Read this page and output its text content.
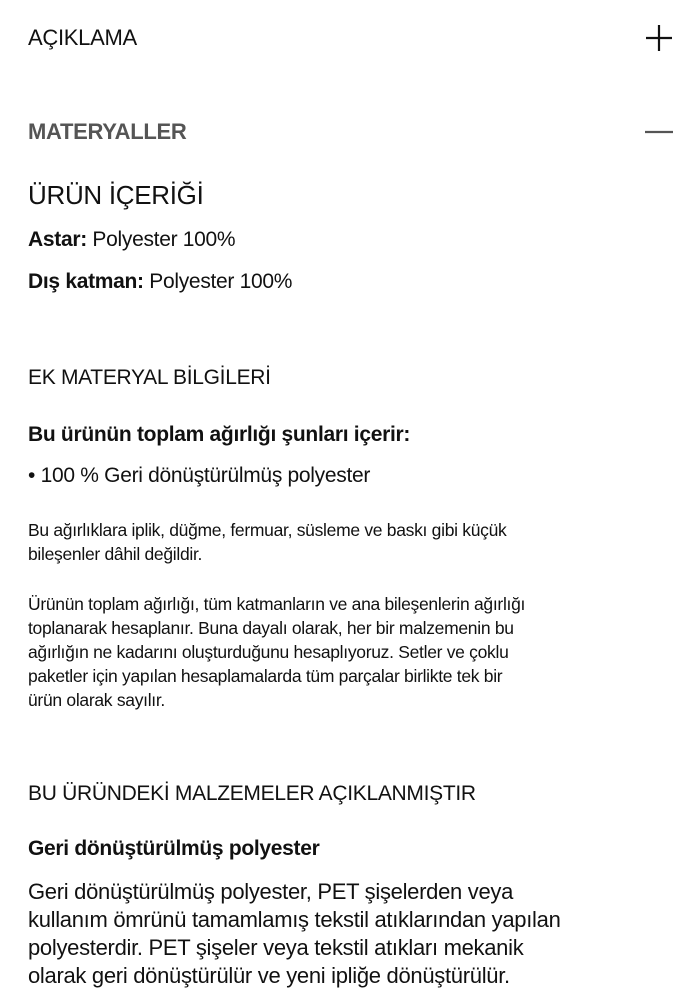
AÇIKLAMA
MATERYALLER
ÜRÜN İÇERİĞİ
Astar: Polyester 100%
Dış katman: Polyester 100%
EK MATERYAL BİLGİLERİ
Bu ürünün toplam ağırlığı şunları içerir:
• 100 % Geri dönüştürülmüş polyester
Bu ağırlıklara iplik, düğme, fermuar, süsleme ve baskı gibi küçük
bileşenler dâhil değildir.
Ürünün toplam ağırlığı, tüm katmanların ve ana bileşenlerin ağırlığı
toplanarak hesaplanır. Buna dayalı olarak, her bir malzemenin bu
ağırlığın ne kadarını oluşturduğunu hesaplıyoruz. Setler ve çoklu
paketler için yapılan hesaplamalarda tüm parçalar birlikte tek bir
ürün olarak sayılır.
BU ÜRÜNDEKİ MALZEMELER AÇIKLANMIŞTIR
Geri dönüştürülmüş polyester
Geri dönüştürülmüş polyester, PET şişelerden veya
kullanım ömrünü tamamlamış tekstil atıklarından yapılan
polyesterdir. PET şişeler veya tekstil atıkları mekanik
olarak geri dönüştürülür ve yeni ipliğe dönüştürülür.
